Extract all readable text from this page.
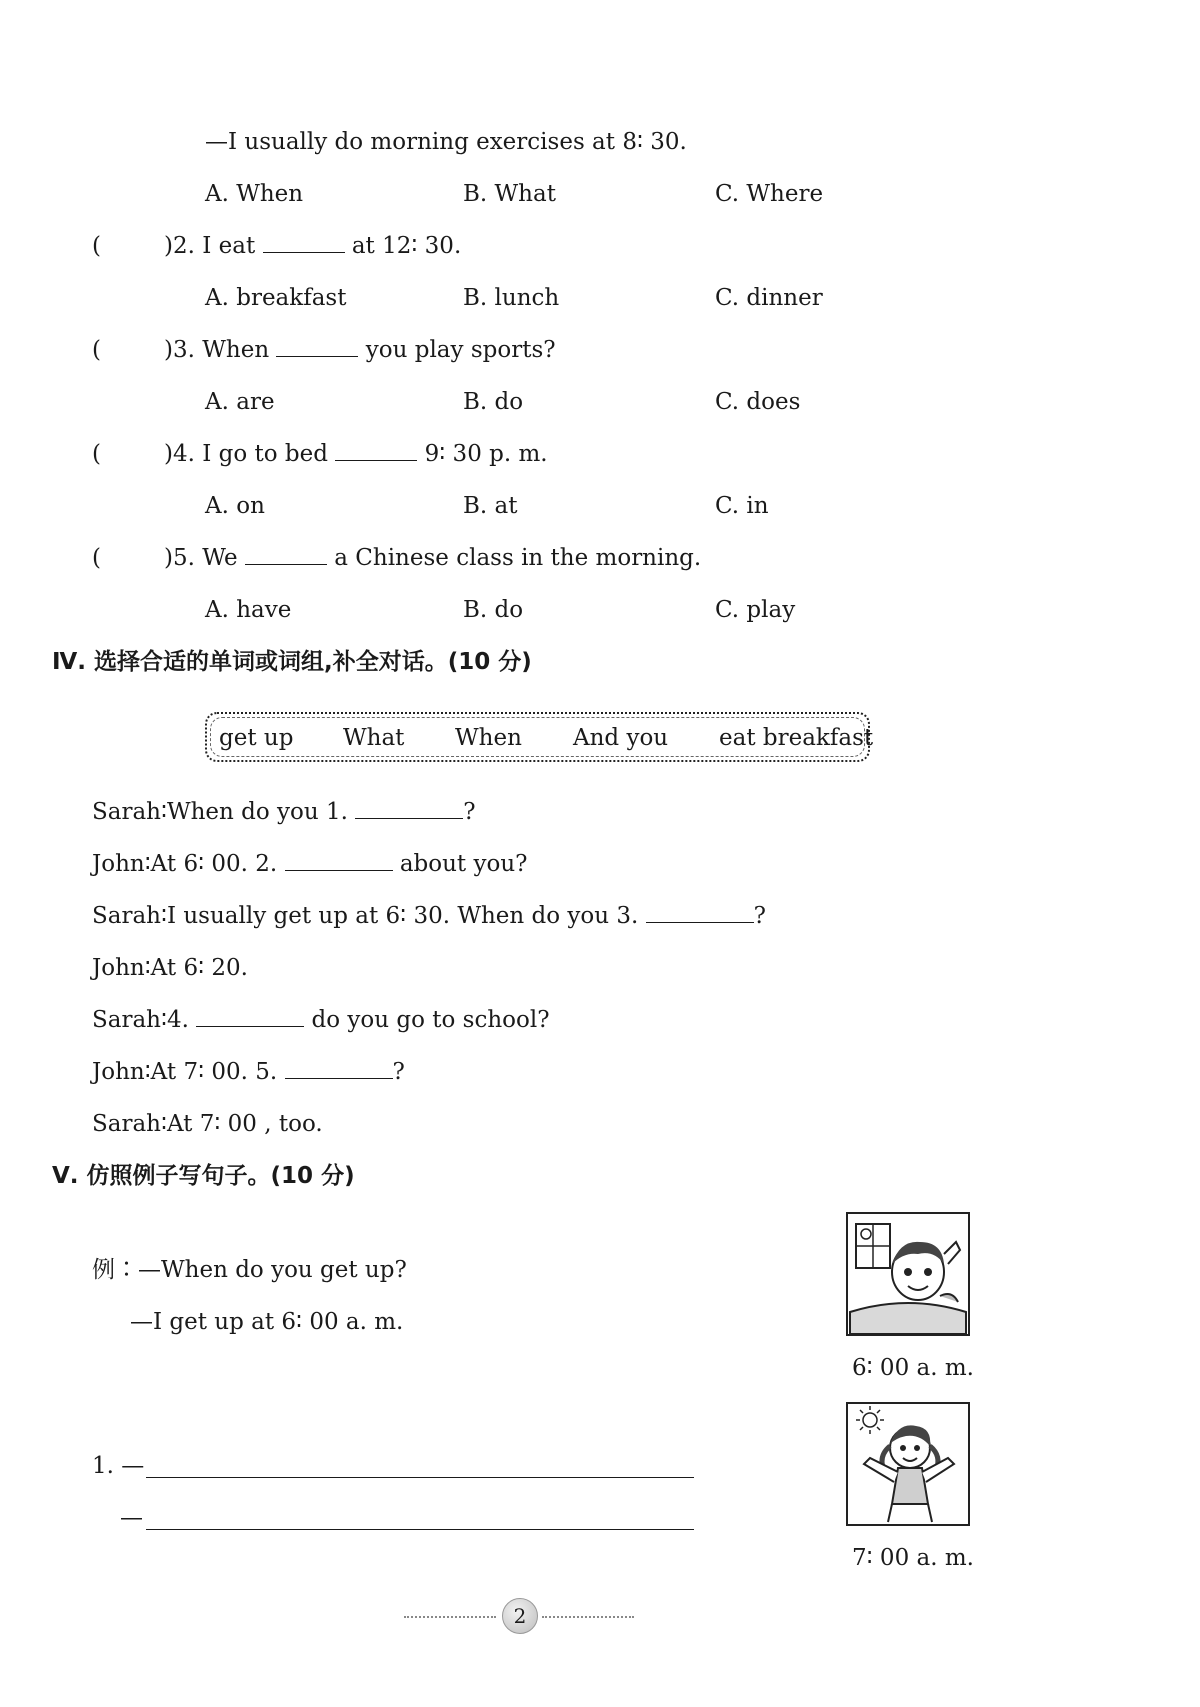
—I usually do morning exercises at 8∶ 30.
A. When	B. What	C. Where
(	)2. I eat	at 12∶ 30.
A. breakfast	B. lunch	C. dinner
(	)3. When	you play sports?
A. are	B. do	C. does
(	)4. I go to bed	9∶ 30 p. m.
A. on	B. at	C. in
(	)5. We	a Chinese class in the morning.
A. have	B. do	C. play
Ⅳ. 选择合适的单词或词组,补全对话。(10 分)
get up What When And you eat breakfast
Sarah∶When do you 1.	?
John∶At 6∶ 00. 2.	about you?
Sarah∶I usually get up at 6∶ 30. When do you 3.	?
John∶At 6∶ 20.
Sarah∶4.	do you go to school?
John∶At 7∶ 00. 5.	?
Sarah∶At 7∶ 00 , too.
Ⅴ. 仿照例子写句子。(10 分)
例∶—When do you get up?
—I get up at 6∶ 00 a. m.
6∶ 00 a. m.
1. —
—
7∶ 00 a. m.
2
